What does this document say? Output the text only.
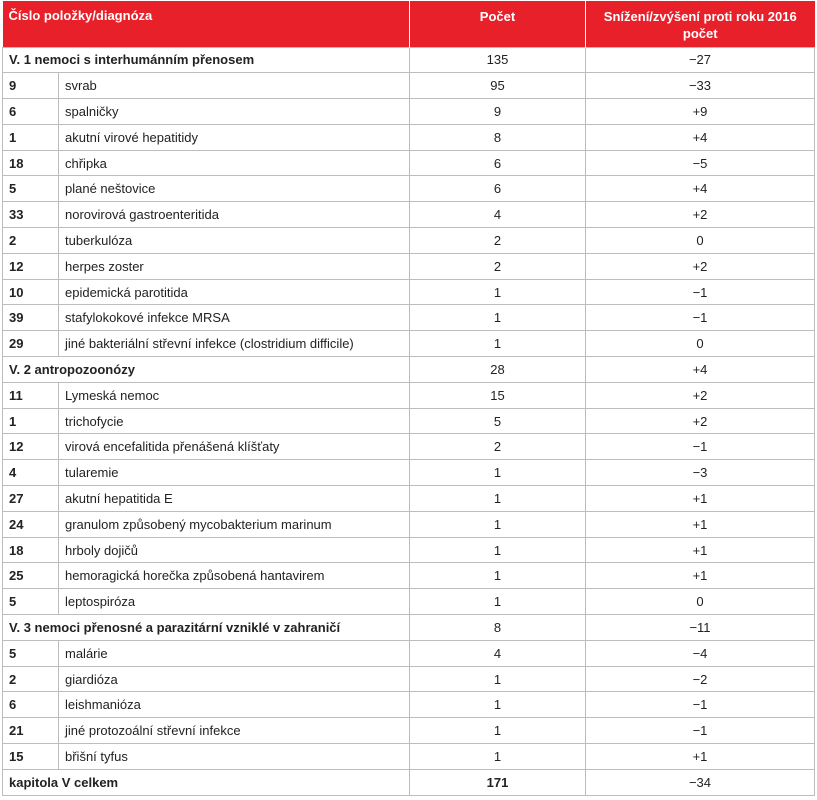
Číslo položky/diagnóza		Počet	Snížení/zvýšení proti roku 2016
počet
V. 1 nemoci s interhumánním přenosem		135	−27
9	svrab	95	−33
6	spalničky	9	+9
1	akutní virové hepatitidy	8	+4
18	chřipka	6	−5
5	plané neštovice	6	+4
33	norovirová gastroenteritida	4	+2
2	tuberkulóza	2	0
12	herpes zoster	2	+2
10	epidemická parotitida	1	−1
39	stafylokokové infekce MRSA	1	−1
29	jiné bakteriální střevní infekce (clostridium difficile)	1	0
V. 2 antropozoonózy		28	+4
11	Lymeská nemoc	15	+2
1	trichofycie	5	+2
12	virová encefalitida přenášená klíšťaty	2	−1
4	tularemie	1	−3
27	akutní hepatitida E	1	+1
24	granulom způsobený mycobakterium marinum	1	+1
18	hrboly dojičů	1	+1
25	hemoragická horečka způsobená hantavirem	1	+1
5	leptospiróza	1	0
V. 3 nemoci přenosné a parazitární vzniklé v zahraničí		8	−11
5	malárie	4	−4
2	giardióza	1	−2
6	leishmanióza	1	−1
21	jiné protozoální střevní infekce	1	−1
15	břišní tyfus	1	+1
kapitola V celkem		171	−34
